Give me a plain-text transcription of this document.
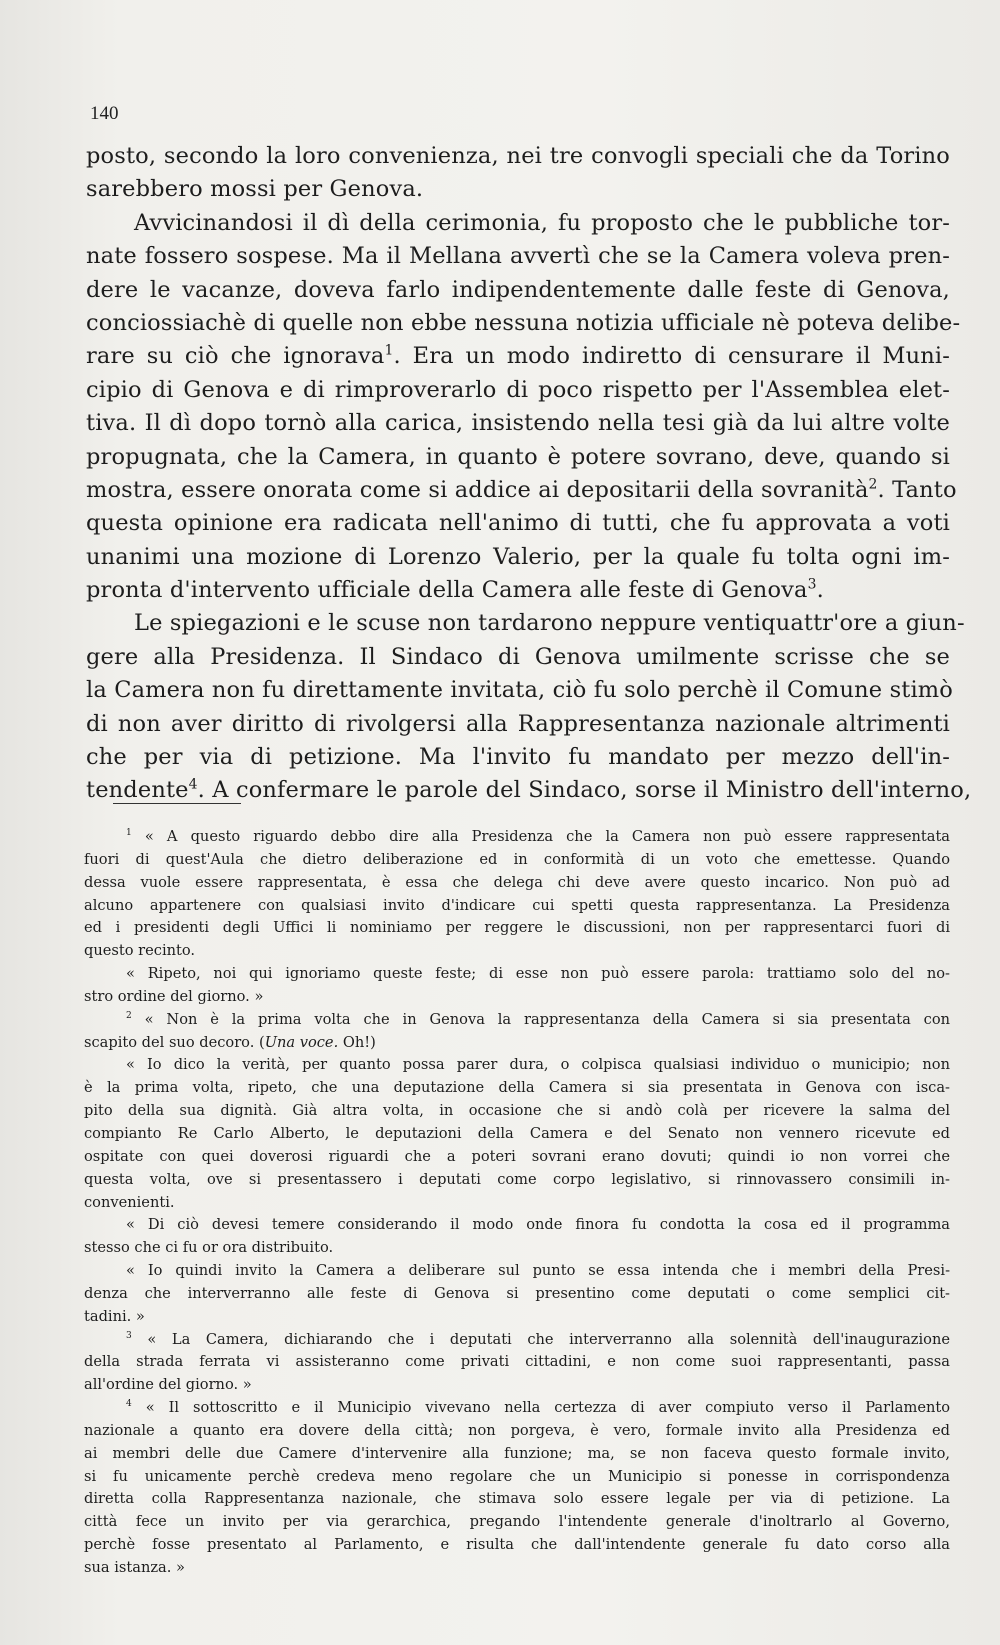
140
posto, secondo la loro convenienza, nei tre convogli speciali che da Torino
sarebbero mossi per Genova.
Avvicinandosi il dì della cerimonia, fu proposto che le pubbliche tor-
nate fossero sospese. Ma il Mellana avvertì che se la Camera voleva pren-
dere le vacanze, doveva farlo indipendentemente dalle feste di Genova,
conciossiachè di quelle non ebbe nessuna notizia ufficiale nè poteva delibe-
rare su ciò che ignorava$^1$. Era un modo indiretto di censurare il Muni-
cipio di Genova e di rimproverarlo di poco rispetto per l'Assemblea elet-
tiva. Il dì dopo tornò alla carica, insistendo nella tesi già da lui altre volte
propugnata, che la Camera, in quanto è potere sovrano, deve, quando si
mostra, essere onorata come si addice ai depositarii della sovranità$^2$. Tanto
questa opinione era radicata nell'animo di tutti, che fu approvata a voti
unanimi una mozione di Lorenzo Valerio, per la quale fu tolta ogni im-
pronta d'intervento ufficiale della Camera alle feste di Genova$^3$.
Le spiegazioni e le scuse non tardarono neppure ventiquattr'ore a giun-
gere alla Presidenza. Il Sindaco di Genova umilmente scrisse che se
la Camera non fu direttamente invitata, ciò fu solo perchè il Comune stimò
di non aver diritto di rivolgersi alla Rappresentanza nazionale altrimenti
che per via di petizione. Ma l'invito fu mandato per mezzo dell'in-
tendente$^4$. A confermare le parole del Sindaco, sorse il Ministro dell'interno,
$^1$ « A questo riguardo debbo dire alla Presidenza che la Camera non può essere rappresentata
fuori di quest'Aula che dietro deliberazione ed in conformità di un voto che emettesse. Quando
dessa vuole essere rappresentata, è essa che delega chi deve avere questo incarico. Non può ad
alcuno appartenere con qualsiasi invito d'indicare cui spetti questa rappresentanza. La Presidenza
ed i presidenti degli Uffici li nominiamo per reggere le discussioni, non per rappresentarci fuori di
questo recinto.
« Ripeto, noi qui ignoriamo queste feste; di esse non può essere parola: trattiamo solo del no-
stro ordine del giorno. »
$^2$ « Non è la prima volta che in Genova la rappresentanza della Camera si sia presentata con
scapito del suo decoro. (Una voce. Oh!)
« Io dico la verità, per quanto possa parer dura, o colpisca qualsiasi individuo o municipio; non
è la prima volta, ripeto, che una deputazione della Camera si sia presentata in Genova con isca-
pito della sua dignità. Già altra volta, in occasione che si andò colà per ricevere la salma del
compianto Re Carlo Alberto, le deputazioni della Camera e del Senato non vennero ricevute ed
ospitate con quei doverosi riguardi che a poteri sovrani erano dovuti; quindi io non vorrei che
questa volta, ove si presentassero i deputati come corpo legislativo, si rinnovassero consimili in-
convenienti.
« Di ciò devesi temere considerando il modo onde finora fu condotta la cosa ed il programma
stesso che ci fu or ora distribuito.
« Io quindi invito la Camera a deliberare sul punto se essa intenda che i membri della Presi-
denza che interverranno alle feste di Genova si presentino come deputati o come semplici cit-
tadini. »
$^3$ « La Camera, dichiarando che i deputati che interverranno alla solennità dell'inaugurazione
della strada ferrata vi assisteranno come privati cittadini, e non come suoi rappresentanti, passa
all'ordine del giorno. »
$^4$ « Il sottoscritto e il Municipio vivevano nella certezza di aver compiuto verso il Parlamento
nazionale a quanto era dovere della città; non porgeva, è vero, formale invito alla Presidenza ed
ai membri delle due Camere d'intervenire alla funzione; ma, se non faceva questo formale invito,
si fu unicamente perchè credeva meno regolare che un Municipio si ponesse in corrispondenza
diretta colla Rappresentanza nazionale, che stimava solo essere legale per via di petizione. La
città fece un invito per via gerarchica, pregando l'intendente generale d'inoltrarlo al Governo,
perchè fosse presentato al Parlamento, e risulta che dall'intendente generale fu dato corso alla
sua istanza. »
